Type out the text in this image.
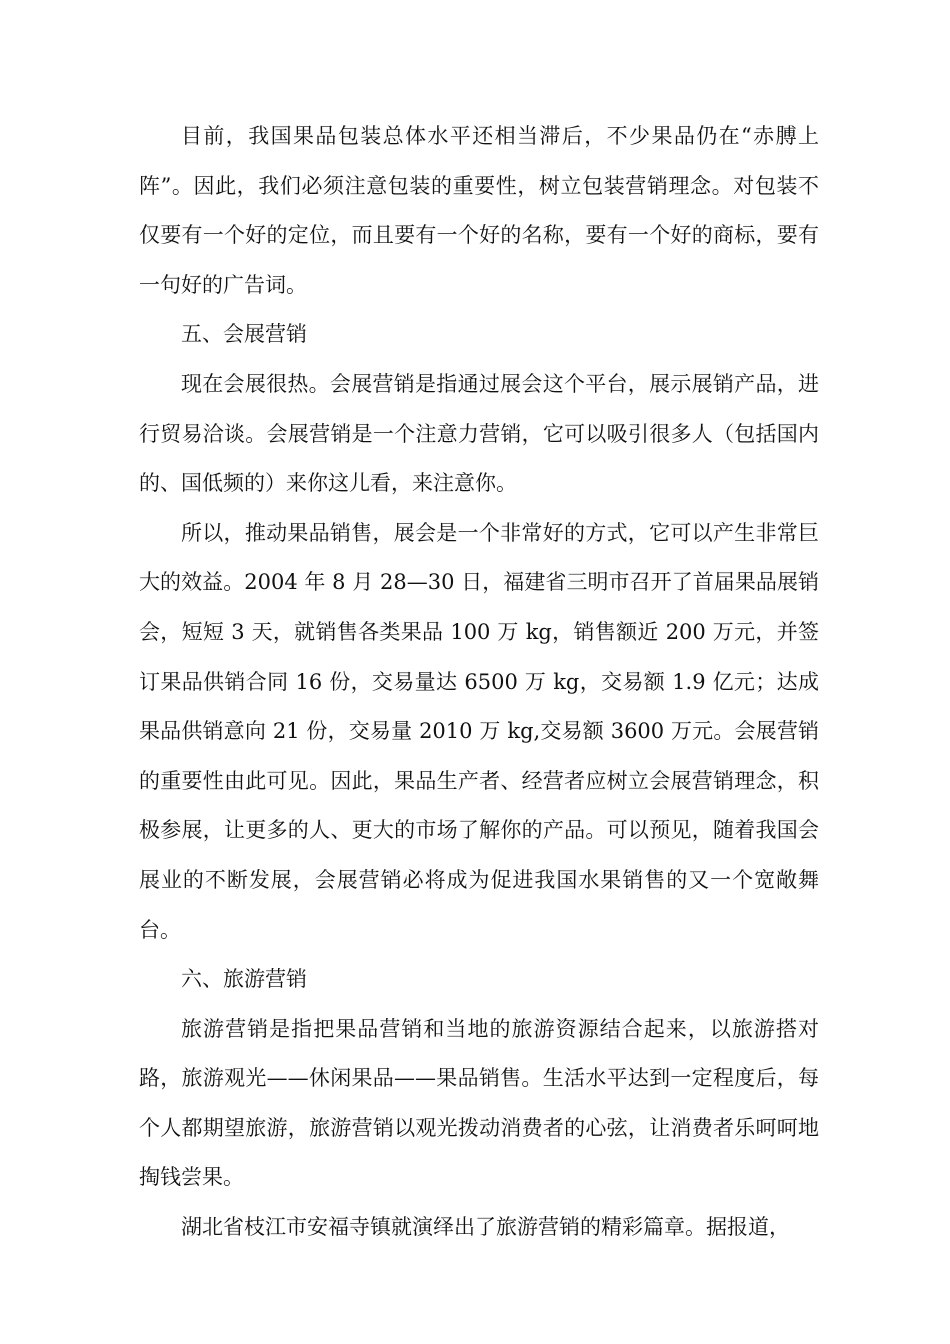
目前，我国果品包装总体水平还相当滞后，不少果品仍在“赤膊上阵”。因此，我们必须注意包装的重要性，树立包装营销理念。对包装不仅要有一个好的定位，而且要有一个好的名称，要有一个好的商标，要有一句好的广告词。

五、会展营销

现在会展很热。会展营销是指通过展会这个平台，展示展销产品，进行贸易洽谈。会展营销是一个注意力营销，它可以吸引很多人（包括国内的、国低频的）来你这儿看，来注意你。

所以，推动果品销售，展会是一个非常好的方式，它可以产生非常巨大的效益。2004 年 8 月 28—30 日，福建省三明市召开了首届果品展销会，短短 3 天，就销售各类果品 100 万 kg，销售额近 200 万元，并签订果品供销合同 16 份，交易量达 6500 万 kg，交易额 1.9 亿元；达成果品供销意向 21 份，交易量 2010 万 kg,交易额 3600 万元。会展营销的重要性由此可见。因此，果品生产者、经营者应树立会展营销理念，积极参展，让更多的人、更大的市场了解你的产品。可以预见，随着我国会展业的不断发展，会展营销必将成为促进我国水果销售的又一个宽敞舞台。

六、旅游营销

旅游营销是指把果品营销和当地的旅游资源结合起来，以旅游搭对路，旅游观光——休闲果品——果品销售。生活水平达到一定程度后，每个人都期望旅游，旅游营销以观光拨动消费者的心弦，让消费者乐呵呵地掏钱尝果。

湖北省枝江市安福寺镇就演绎出了旅游营销的精彩篇章。据报道，
